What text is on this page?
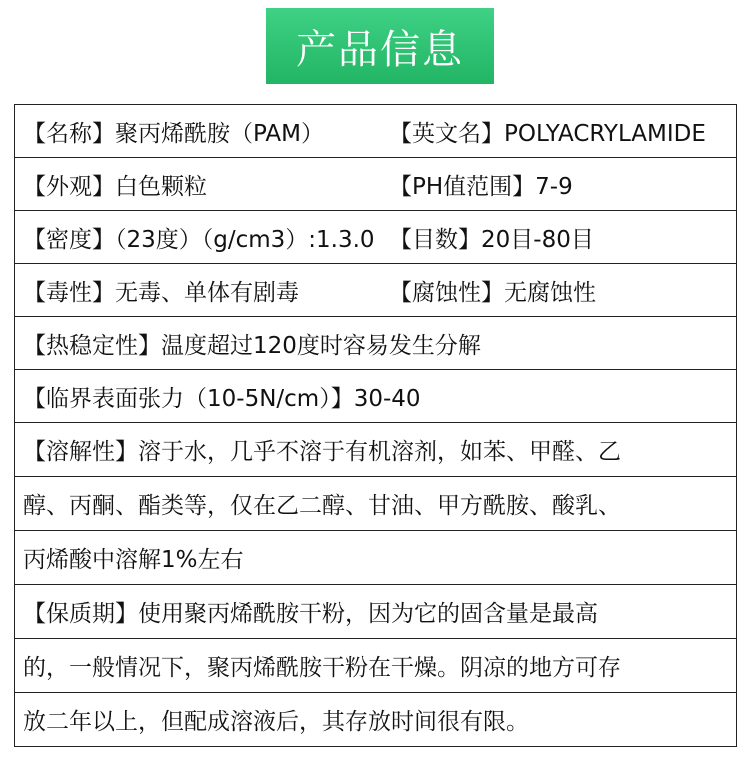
产品信息
【名称】聚丙烯酰胺（PAM）	【英文名】POLYACRYLAMIDE
【外观】白色颗粒	【PH值范围】7-9
【密度】（23度）（g/cm3）:1.3.0 【目数】20目-80目
【毒性】无毒、单体有剧毒	【腐蚀性】无腐蚀性
【热稳定性】温度超过120度时容易发生分解
【临界表面张力（10-5N/cm）】30-40
【溶解性】溶于水，几乎不溶于有机溶剂，如苯、甲醛、乙
醇、丙酮、酯类等，仅在乙二醇、甘油、甲方酰胺、酸乳、
丙烯酸中溶解1%左右
【保质期】使用聚丙烯酰胺干粉，因为它的固含量是最高
的，一般情况下，聚丙烯酰胺干粉在干燥。阴凉的地方可存
放二年以上，但配成溶液后，其存放时间很有限。
